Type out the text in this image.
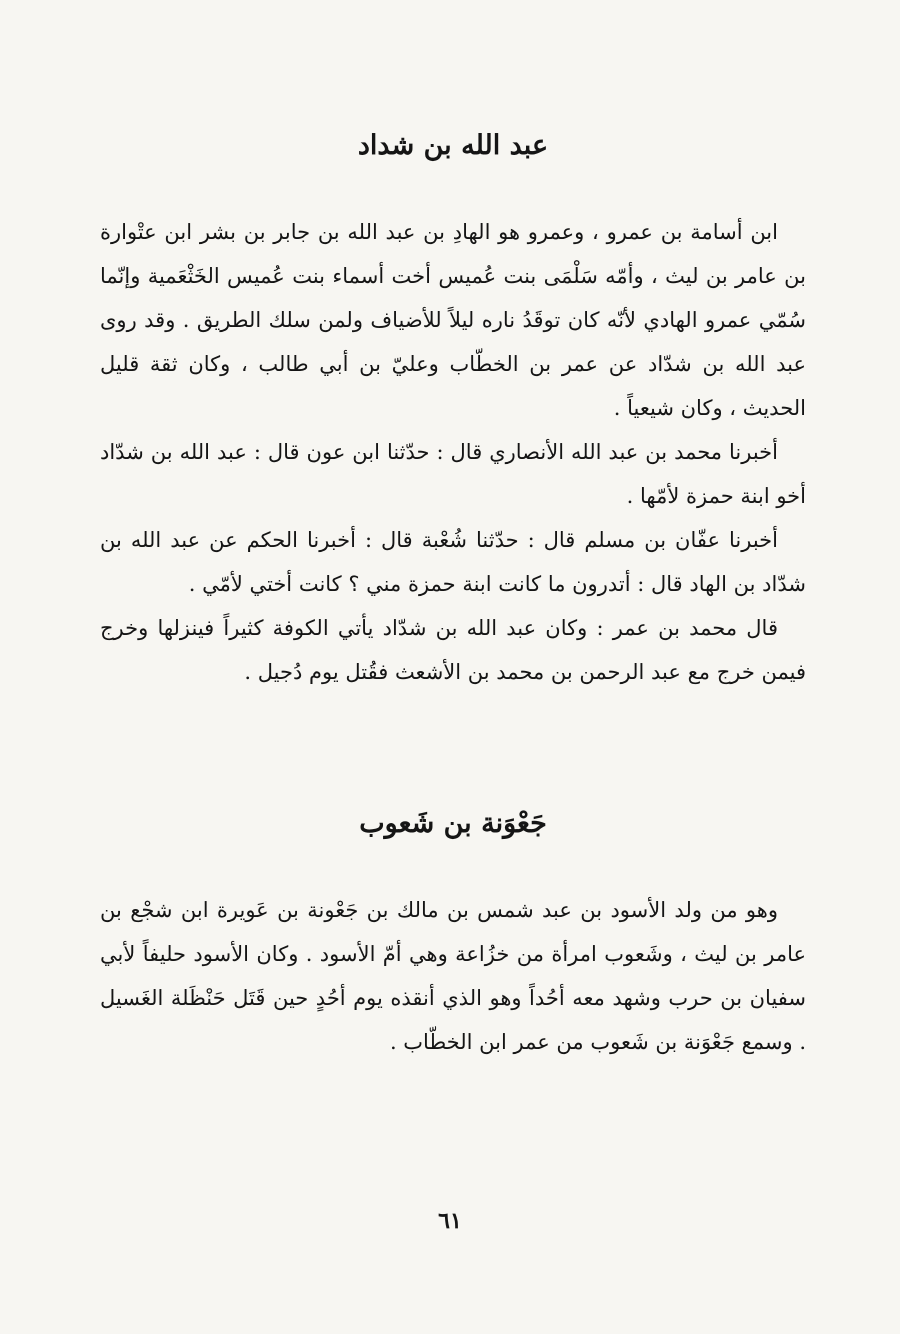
عبد الله بن شداد

ابن أسامة بن عمرو ، وعمرو هو الهادِ بن عبد الله بن جابر بن بشر ابن عتْوارة بن عامر بن ليث ، وأمّه سَلْمَى بنت عُميس أخت أسماء بنت عُميس الخَثْعَمية وإنّما سُمّي عمرو الهادي لأنّه كان توقَدُ ناره ليلاً للأضياف ولمن سلك الطريق . وقد روى عبد الله بن شدّاد عن عمر بن الخطّاب وعليّ بن أبي طالب ، وكان ثقة قليل الحديث ، وكان شيعياً .

أخبرنا محمد بن عبد الله الأنصاري قال : حدّثنا ابن عون قال : عبد الله بن شدّاد أخو ابنة حمزة لأمّها .

أخبرنا عفّان بن مسلم قال : حدّثنا شُعْبة قال : أخبرنا الحكم عن عبد الله بن شدّاد بن الهاد قال : أتدرون ما كانت ابنة حمزة مني ؟ كانت أختي لأمّي .

قال محمد بن عمر : وكان عبد الله بن شدّاد يأتي الكوفة كثيراً فينزلها وخرج فيمن خرج مع عبد الرحمن بن محمد بن الأشعث فقُتل يوم دُجيل .

جَعْوَنة بن شَعوب

وهو من ولد الأسود بن عبد شمس بن مالك بن جَعْونة بن عَويرة ابن شجْع بن عامر بن ليث ، وشَعوب امرأة من خزُاعة وهي أمّ الأسود . وكان الأسود حليفاً لأبي سفيان بن حرب وشهد معه أحُداً وهو الذي أنقذه يوم أحُدٍ حين قَتَل حَنْظَلة الغَسيل . وسمع جَعْوَنة بن شَعوب من عمر ابن الخطّاب .

٦١
